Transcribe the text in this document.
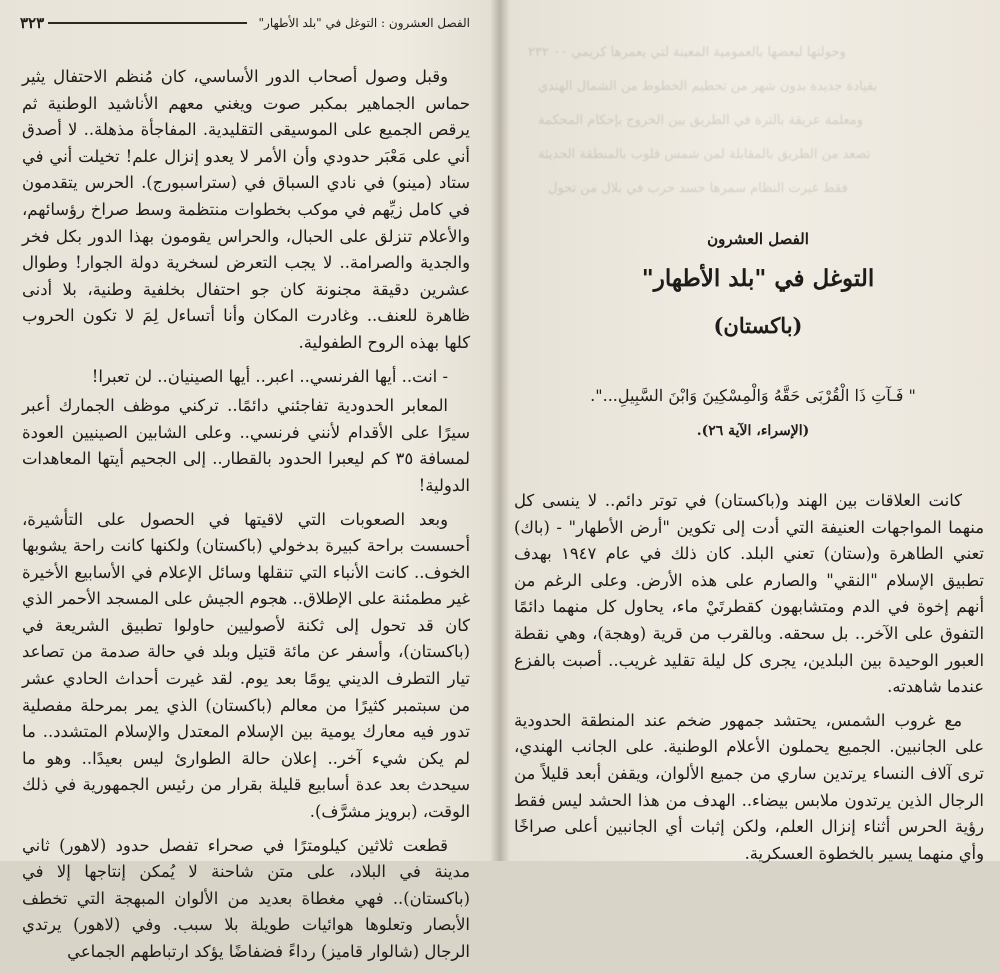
الفصل العشرون : التوغل في "بلد الأطهار"
٣٢٣

وقبل وصول أصحاب الدور الأساسي، كان مُنظم الاحتفال يثير حماس الجماهير بمكبر صوت ويغني معهم الأناشيد الوطنية ثم يرقص الجميع على الموسيقى التقليدية. المفاجأة مذهلة.. لا أصدق أني على مَعْبَر حدودي وأن الأمر لا يعدو إنزال علم! تخيلت أني في ستاد (مينو) في نادي السباق في (ستراسبورج). الحرس يتقدمون في كامل زيِّهم في موكب بخطوات منتظمة وسط صراخ رؤسائهم، والأعلام تنزلق على الحبال، والحراس يقومون بهذا الدور بكل فخر والجدية والصرامة.. لا يجب التعرض لسخرية دولة الجوار! وطوال عشرين دقيقة مجنونة كان جو احتفال بخلفية وطنية، بلا أدنى ظاهرة للعنف.. وغادرت المكان وأنا أتساءل لِمَ لا تكون الحروب كلها بهذه الروح الطفولية.

- انت.. أيها الفرنسي.. اعبر.. أيها الصينيان.. لن تعبرا!

المعابر الحدودية تفاجئني دائمًا.. تركني موظف الجمارك أعبر سيرًا على الأقدام لأنني فرنسي.. وعلى الشابين الصينيين العودة لمسافة ٣٥ كم ليعبرا الحدود بالقطار.. إلى الجحيم أيتها المعاهدات الدولية!

وبعد الصعوبات التي لاقيتها في الحصول على التأشيرة، أحسست براحة كبيرة بدخولي (باكستان) ولكنها كانت راحة يشوبها الخوف.. كانت الأنباء التي تنقلها وسائل الإعلام في الأسابيع الأخيرة غير مطمئنة على الإطلاق.. هجوم الجيش على المسجد الأحمر الذي كان قد تحول إلى ثكنة لأصوليين حاولوا تطبيق الشريعة في (باكستان)، وأسفر عن مائة قتيل وبلد في حالة صدمة من تصاعد تيار التطرف الديني يومًا بعد يوم. لقد غيرت أحداث الحادي عشر من سبتمبر كثيرًا من معالم (باكستان) الذي يمر بمرحلة مفصلية تدور فيه معارك يومية بين الإسلام المعتدل والإسلام المتشدد.. ما لم يكن شيء آخر.. إعلان حالة الطوارئ ليس بعيدًا.. وهو ما سيحدث بعد عدة أسابيع قليلة بقرار من رئيس الجمهورية في ذلك الوقت، (برويز مشرَّف).

قطعت ثلاثين كيلومترًا في صحراء تفصل حدود (لاهور) ثاني مدينة في البلاد، على متن شاحنة لا يُمكن إنتاجها إلا في (باكستان).. فهي مغطاة بعديد من الألوان المبهجة التي تخطف الأبصار وتعلوها هوائيات طويلة بلا سبب. وفي (لاهور) يرتدي الرجال (شالوار قاميز) رداءً فضفاضًا يؤكد ارتباطهم الجماعي

وحولتها لبعضها بالعمومية المعينة لتي يعمرها كريمي ٠٠ ٢٣٢
بقيادة جديدة بدون شهر من تحطيم الخطوط من الشمال الهندي
ومعلمة عريقة بالترة في الطريق بين الخروج بإحكام المحكمة
تصعد من الطريق بالمقابلة لمن شمس قلوب بالمنطقة الحديثة
فقط غيرت النظام سمرها حسد حرب في بلال من تحول
الفصل العشرون
التوغل في "بلد الأطهار"
(باكستان)
" فَـآتِ ذَا الْقُرْبَى حَقَّهُ وَالْمِسْكِينَ وَابْنَ السَّبِيلِ...".
(الإسراء، الآية ٢٦).

كانت العلاقات بين الهند و(باكستان) في توتر دائم.. لا ينسى كل منهما المواجهات العنيفة التي أدت إلى تكوين "أرض الأطهار" - (باك) تعني الطاهرة و(ستان) تعني البلد. كان ذلك في عام ١٩٤٧ بهدف تطبيق الإسلام "النقي" والصارم على هذه الأرض. وعلى الرغم من أنهم إخوة في الدم ومتشابهون كقطرتَيْ ماء، يحاول كل منهما دائمًا التفوق على الآخر.. بل سحقه. وبالقرب من قرية (وهجة)، وهي نقطة العبور الوحيدة بين البلدين، يجرى كل ليلة تقليد غريب.. أصبت بالفزع عندما شاهدته.

مع غروب الشمس، يحتشد جمهور ضخم عند المنطقة الحدودية على الجانبين. الجميع يحملون الأعلام الوطنية. على الجانب الهندي، ترى آلاف النساء يرتدين ساري من جميع الألوان، ويقفن أبعد قليلاً من الرجال الذين يرتدون ملابس بيضاء.. الهدف من هذا الحشد ليس فقط رؤية الحرس أثناء إنزال العلم، ولكن إثبات أي الجانبين أعلى صراخًا وأي منهما يسير بالخطوة العسكرية.
